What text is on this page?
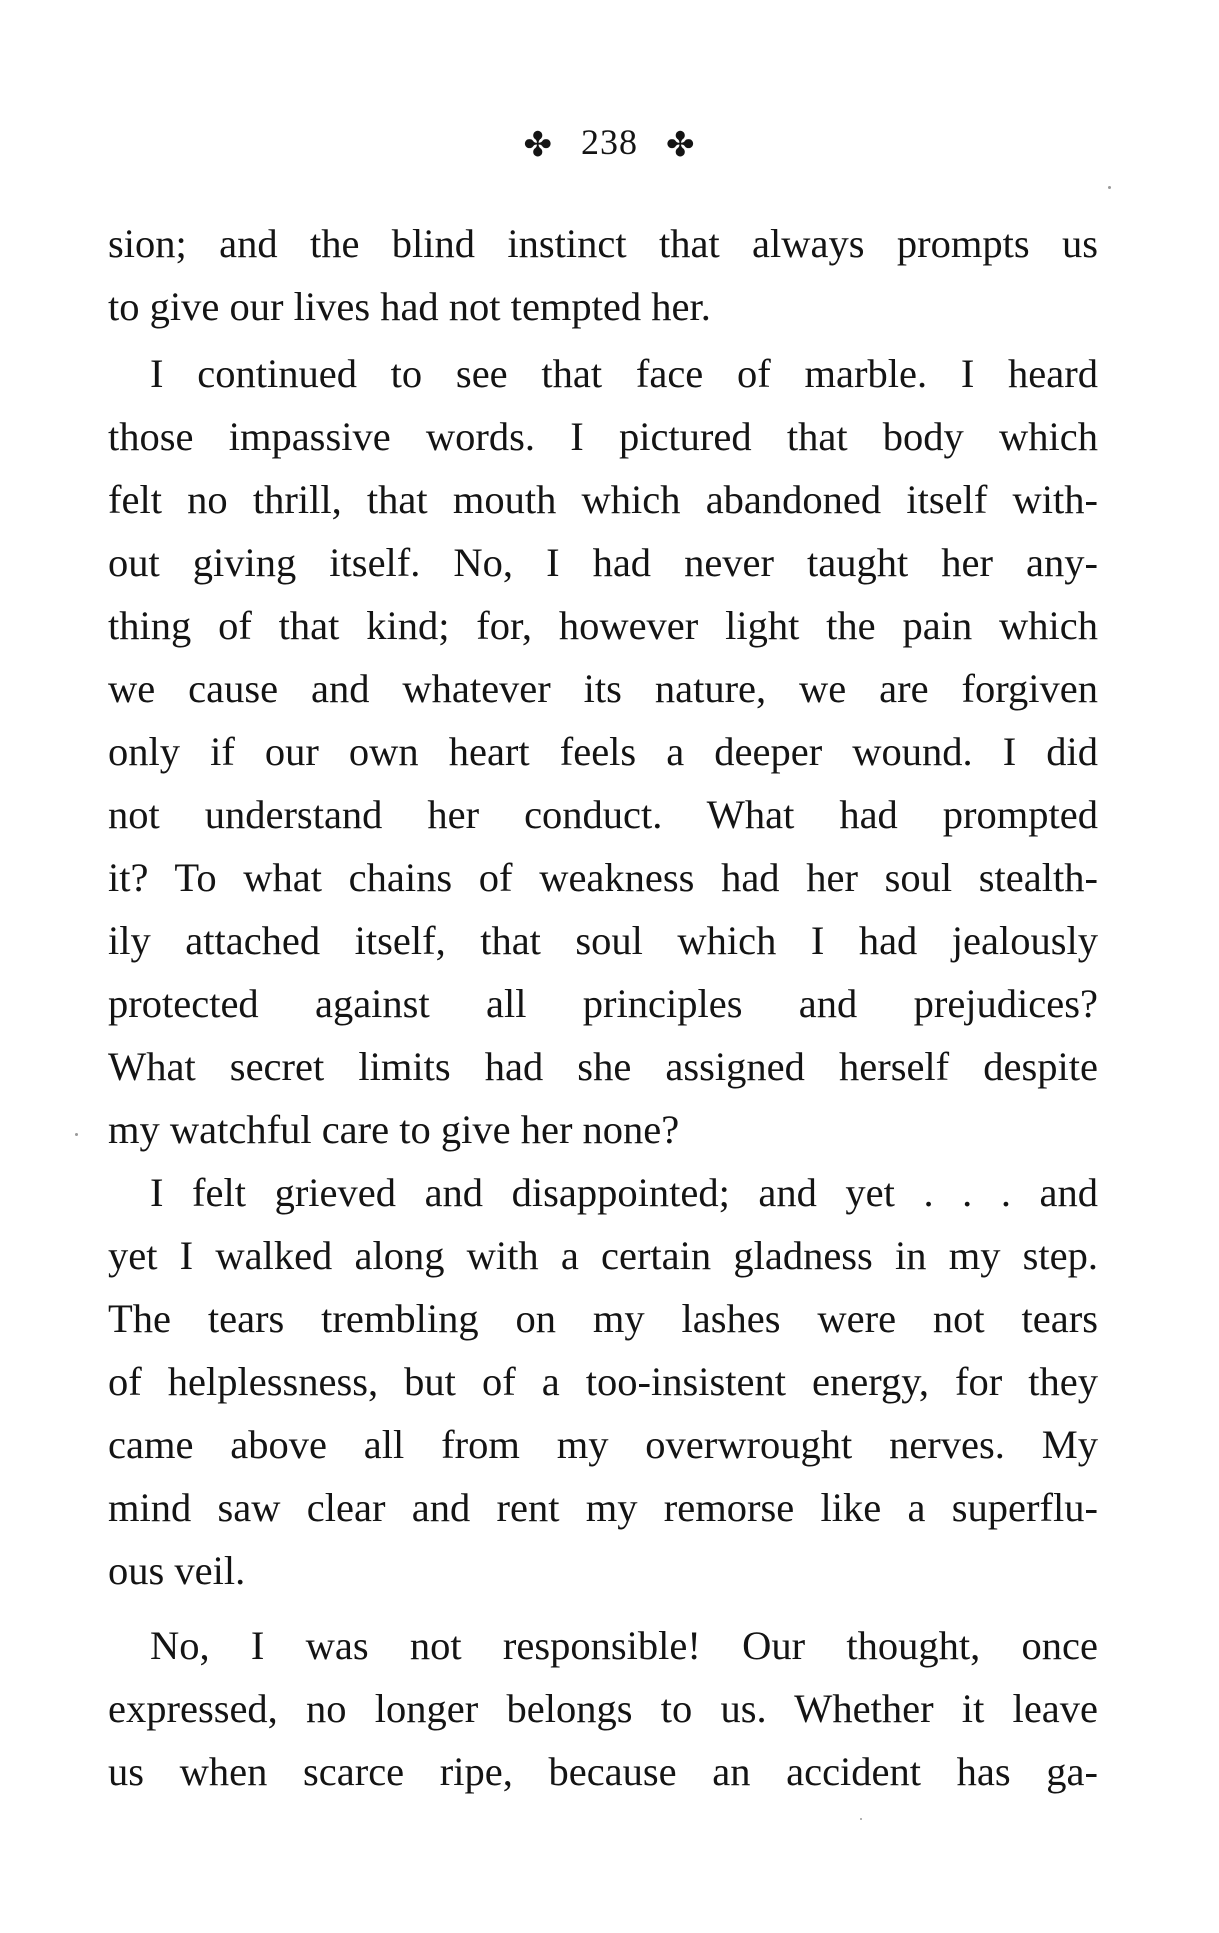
✤ 238 ✤
sion; and the blind instinct that always prompts us
to give our lives had not tempted her.
I continued to see that face of marble. I heard
those impassive words. I pictured that body which
felt no thrill, that mouth which abandoned itself with-
out giving itself. No, I had never taught her any-
thing of that kind; for, however light the pain which
we cause and whatever its nature, we are forgiven
only if our own heart feels a deeper wound. I did
not understand her conduct. What had prompted
it? To what chains of weakness had her soul stealth-
ily attached itself, that soul which I had jealously
protected against all principles and prejudices?
What secret limits had she assigned herself despite
my watchful care to give her none?
I felt grieved and disappointed; and yet . . . and
yet I walked along with a certain gladness in my step.
The tears trembling on my lashes were not tears
of helplessness, but of a too-insistent energy, for they
came above all from my overwrought nerves. My
mind saw clear and rent my remorse like a superflu-
ous veil.
No, I was not responsible! Our thought, once
expressed, no longer belongs to us. Whether it leave
us when scarce ripe, because an accident has ga-
